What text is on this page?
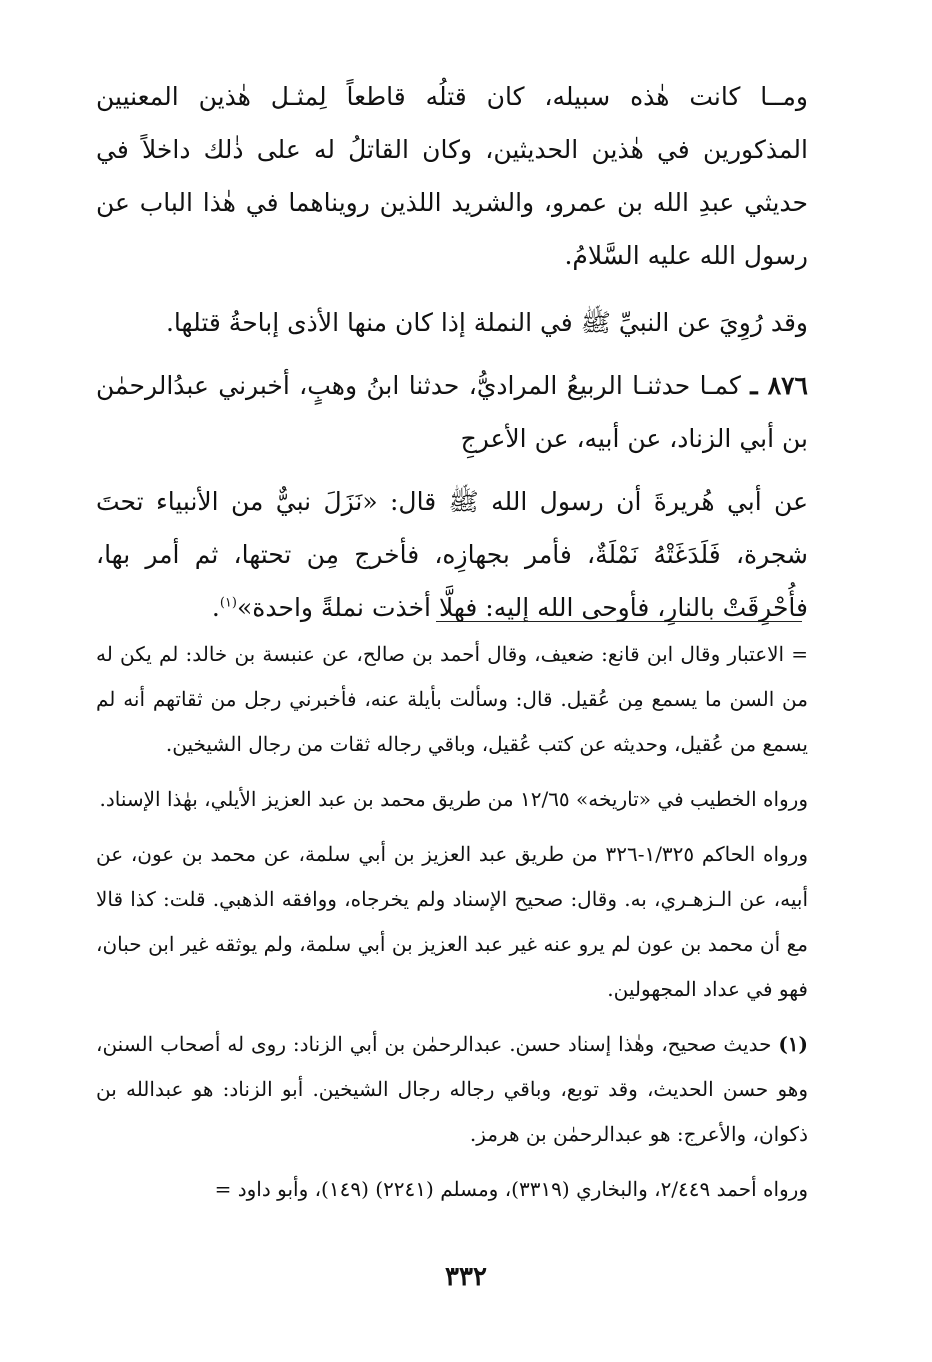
ومــا كانت هٰذه سبيله، كان قتلُه قاطعاً لِمثـل هٰذين المعنيين المذكورين في هٰذين الحديثين، وكان القاتلُ له على ذٰلك داخلاً في حديثي عبدِ الله بن عمرو، والشريد اللذين رويناهما في هٰذا الباب عن رسول الله عليه السَّلامُ.

وقد رُوِيَ عن النبيِّ ﷺ في النملة إذا كان منها الأذى إباحةُ قتلها.

٨٧٦ ـ كمـا حدثنـا الربيعُ المراديُّ، حدثنا ابنُ وهبٍ، أخبرني عبدُالرحمٰن بن أبي الزناد، عن أبيه، عن الأعرجِ

عن أبي هُريرةَ أن رسول الله ﷺ قال: «نَزَلَ نبيٌّ من الأنبياء تحتَ شجرة، فَلَدَغَتْهُ نَمْلَةٌ، فأمر بجهازِه، فأخرج مِن تحتها، ثم أمر بها، فأُحْرِقَتْ بالنارِ، فأوحى الله إليه: فهلَّا أخذت نملةً واحدة»$^{(١)}$.

= الاعتبار وقال ابن قانع: ضعيف، وقال أحمد بن صالح، عن عنبسة بن خالد: لم يكن له من السن ما يسمع مِن عُقيل. قال: وسألت بأيلة عنه، فأخبرني رجل من ثقاتهم أنه لم يسمع من عُقيل، وحديثه عن كتب عُقيل، وباقي رجاله ثقات من رجال الشيخين.

ورواه الخطيب في «تاريخه» ١٢/٦٥ من طريق محمد بن عبد العزيز الأيلي، بهٰذا الإسناد.

ورواه الحاكم ١/٣٢٥-٣٢٦ من طريق عبد العزيز بن أبي سلمة، عن محمد بن عون، عن أبيه، عن الـزهـري، به. وقال: صحيح الإسناد ولم يخرجاه، ووافقه الذهبي. قلت: كذا قالا مع أن محمد بن عون لم يرو عنه غير عبد العزيز بن أبي سلمة، ولم يوثقه غير ابن حبان، فهو في عداد المجهولين.

(١) حديث صحيح، وهٰذا إسناد حسن. عبدالرحمٰن بن أبي الزناد: روى له أصحاب السنن، وهو حسن الحديث، وقد توبع، وباقي رجاله رجال الشيخين. أبو الزناد: هو عبدالله بن ذكوان، والأعرج: هو عبدالرحمٰن بن هرمز.

ورواه أحمد ٢/٤٤٩، والبخاري (٣٣١٩)، ومسلم (٢٢٤١) (١٤٩)، وأبو داود =

٣٣٢
